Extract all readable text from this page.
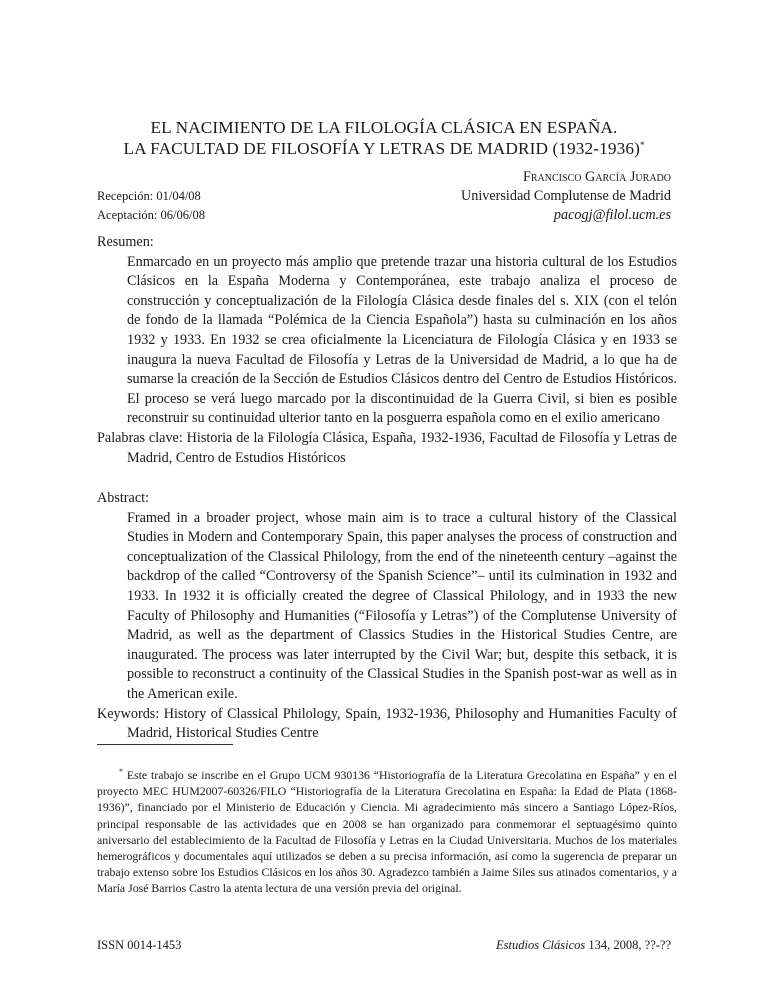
EL NACIMIENTO DE LA FILOLOGÍA CLÁSICA EN ESPAÑA.
LA FACULTAD DE FILOSOFÍA Y LETRAS DE MADRID (1932-1936)*
Francisco García Jurado
Universidad Complutense de Madrid
pacogj@filol.ucm.es
Recepción: 01/04/08
Aceptación: 06/06/08
Resumen:
Enmarcado en un proyecto más amplio que pretende trazar una historia cultural de los Estudios Clásicos en la España Moderna y Contemporánea, este trabajo analiza el proceso de construcción y conceptualización de la Filología Clásica desde finales del s. XIX (con el telón de fondo de la llamada “Polémica de la Ciencia Española”) hasta su culminación en los años 1932 y 1933. En 1932 se crea oficialmente la Licenciatura de Filología Clásica y en 1933 se inaugura la nueva Facultad de Filosofía y Letras de la Universidad de Madrid, a lo que ha de sumarse la creación de la Sección de Estudios Clásicos dentro del Centro de Estudios Históricos. El proceso se verá luego marcado por la discontinuidad de la Guerra Civil, si bien es posible reconstruir su continuidad ulterior tanto en la posguerra española como en el exilio americano
Palabras clave: Historia de la Filología Clásica, España, 1932-1936, Facultad de Filosofía y Letras de Madrid, Centro de Estudios Históricos
Abstract:
Framed in a broader project, whose main aim is to trace a cultural history of the Classical Studies in Modern and Contemporary Spain, this paper analyses the process of construction and conceptualization of the Classical Philology, from the end of the nineteenth century –against the backdrop of the called “Controversy of the Spanish Science”– until its culmination in 1932 and 1933. In 1932 it is officially created the degree of Classical Philology, and in 1933 the new Faculty of Philosophy and Humanities (“Filosofía y Letras”) of the Complutense University of Madrid, as well as the department of Classics Studies in the Historical Studies Centre, are inaugurated. The process was later interrupted by the Civil War; but, despite this setback, it is possible to reconstruct a continuity of the Classical Studies in the Spanish post-war as well as in the American exile.
Keywords: History of Classical Philology, Spain, 1932-1936, Philosophy and Humanities Faculty of Madrid, Historical Studies Centre
* Este trabajo se inscribe en el Grupo UCM 930136 “Historiografía de la Literatura Grecolatina en España” y en el proyecto MEC HUM2007-60326/FILO “Historiografía de la Literatura Grecolatina en España: la Edad de Plata (1868-1936)”, financiado por el Ministerio de Educación y Ciencia. Mi agradecimiento más sincero a Santiago López-Ríos, principal responsable de las actividades que en 2008 se han organizado para conmemorar el septuagésimo quinto aniversario del establecimiento de la Facultad de Filosofía y Letras en la Ciudad Universitaria. Muchos de los materiales hemerográficos y documentales aquí utilizados se deben a su precisa información, así como la sugerencia de preparar un trabajo extenso sobre los Estudios Clásicos en los años 30. Agradezco también a Jaime Siles sus atinados comentarios, y a María José Barrios Castro la atenta lectura de una versión previa del original.
ISSN 0014-1453	Estudios Clásicos 134, 2008, ??-??
